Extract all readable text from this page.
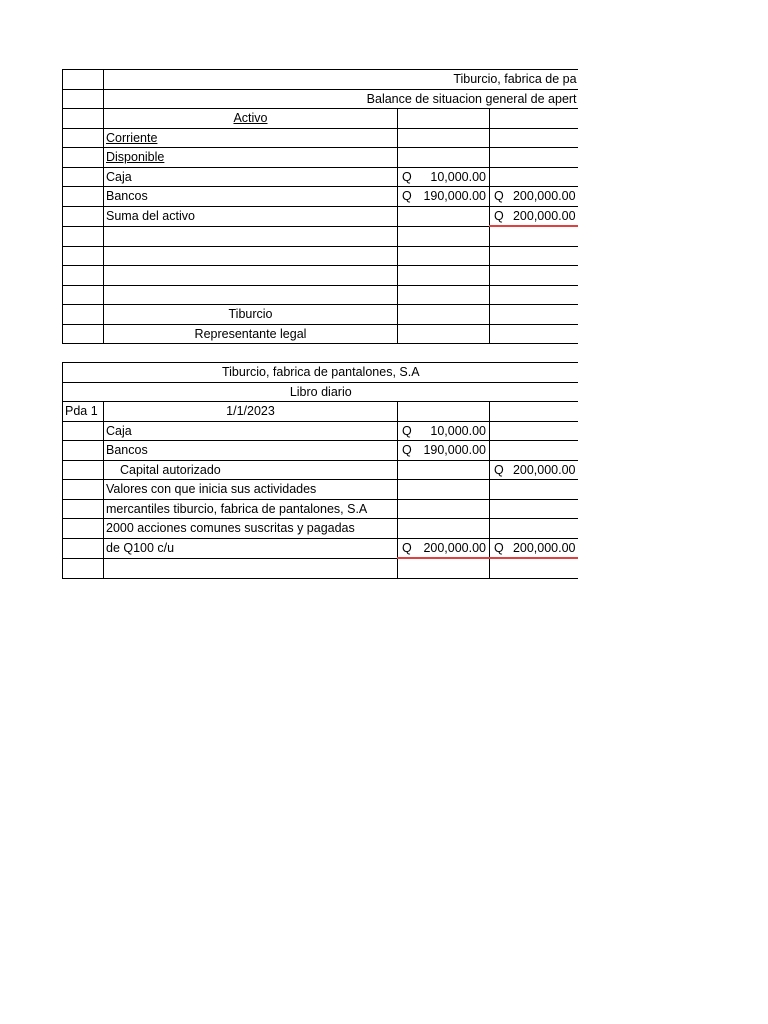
	Tiburcio, fabrica de pa		
	Balance de situacion general de apert		
	Activo		
	Corriente		
	Disponible		
	Caja	Q 10,000.00	

	Bancos	Q 190,000.00	Q 200,000.00

	Suma del activo		Q 200,000.00

	Tiburcio		
	Representante legal		
Tiburcio, fabrica de pantalones, S.A			
Libro diario			
Pda 1	1/1/2023		
	Caja	Q 10,000.00	

	Bancos	Q 190,000.00	

	Capital autorizado		Q 200,000.00

	Valores con que inicia sus actividades		
	mercantiles tiburcio, fabrica de pantalones, S.A		
	2000 acciones comunes suscritas y pagadas		
	de Q100 c/u	Q 200,000.00	Q 200,000.00
